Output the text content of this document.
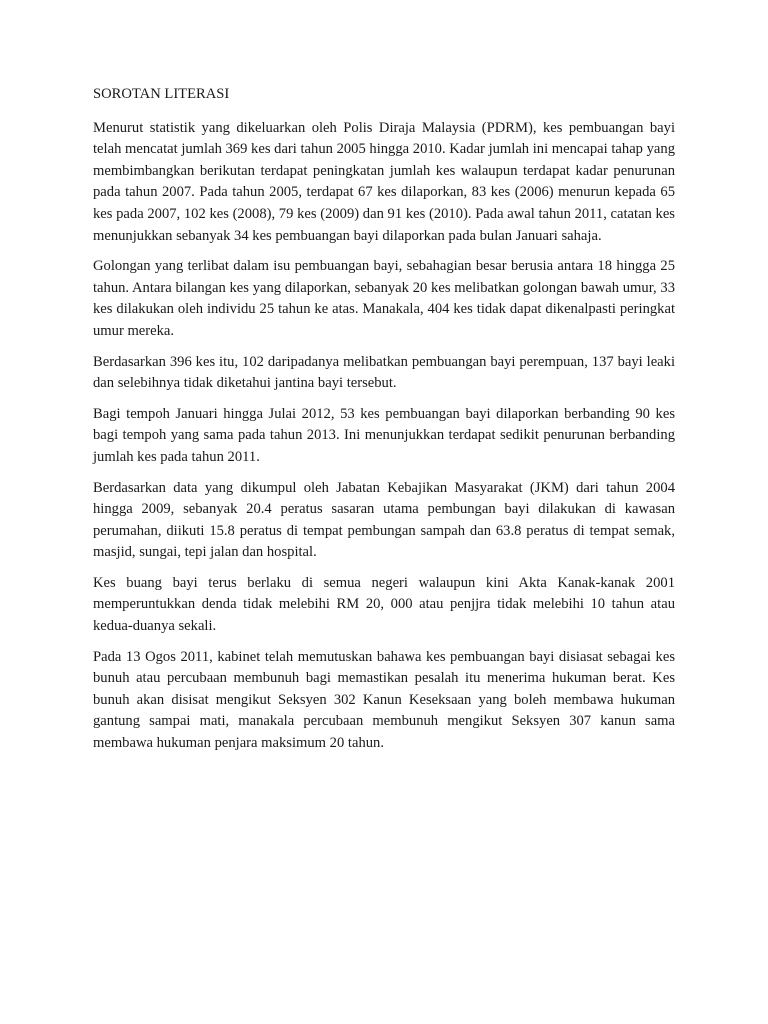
SOROTAN LITERASI

Menurut statistik yang dikeluarkan oleh Polis Diraja Malaysia (PDRM), kes pembuangan bayi telah mencatat jumlah 369 kes dari tahun 2005 hingga 2010. Kadar jumlah ini mencapai tahap yang membimbangkan berikutan terdapat peningkatan jumlah kes walaupun terdapat kadar penurunan pada tahun 2007. Pada tahun 2005, terdapat 67 kes dilaporkan, 83 kes (2006) menurun kepada 65 kes pada 2007, 102 kes (2008), 79 kes (2009) dan 91 kes (2010). Pada awal tahun 2011, catatan kes menunjukkan sebanyak 34 kes pembuangan bayi dilaporkan pada bulan Januari sahaja.

Golongan yang terlibat dalam isu pembuangan bayi, sebahagian besar berusia antara 18 hingga 25 tahun. Antara bilangan kes yang dilaporkan, sebanyak 20 kes melibatkan golongan bawah umur, 33 kes dilakukan oleh individu 25 tahun ke atas. Manakala, 404 kes tidak dapat dikenalpasti peringkat umur mereka.

Berdasarkan 396 kes itu, 102 daripadanya melibatkan pembuangan bayi perempuan, 137 bayi leaki dan selebihnya tidak diketahui jantina bayi tersebut.

Bagi tempoh Januari hingga Julai 2012, 53 kes pembuangan bayi dilaporkan berbanding 90 kes bagi tempoh yang sama pada tahun 2013. Ini menunjukkan terdapat sedikit penurunan berbanding jumlah kes pada tahun 2011.

Berdasarkan data yang dikumpul oleh Jabatan Kebajikan Masyarakat (JKM) dari tahun 2004 hingga 2009, sebanyak 20.4 peratus sasaran utama pembungan bayi dilakukan di kawasan perumahan, diikuti 15.8 peratus di tempat pembungan sampah dan 63.8 peratus di tempat semak, masjid, sungai, tepi jalan dan hospital.

Kes buang bayi terus berlaku di semua negeri walaupun kini Akta Kanak-kanak 2001 memperuntukkan denda tidak melebihi RM 20, 000 atau penjjra tidak melebihi 10 tahun atau kedua-duanya sekali.

Pada 13 Ogos 2011, kabinet telah memutuskan bahawa kes pembuangan bayi disiasat sebagai kes bunuh atau percubaan membunuh bagi memastikan pesalah itu menerima hukuman berat. Kes bunuh akan disisat mengikut Seksyen 302 Kanun Keseksaan yang boleh membawa hukuman gantung sampai mati, manakala percubaan membunuh mengikut Seksyen 307 kanun sama membawa hukuman penjara maksimum 20 tahun.
